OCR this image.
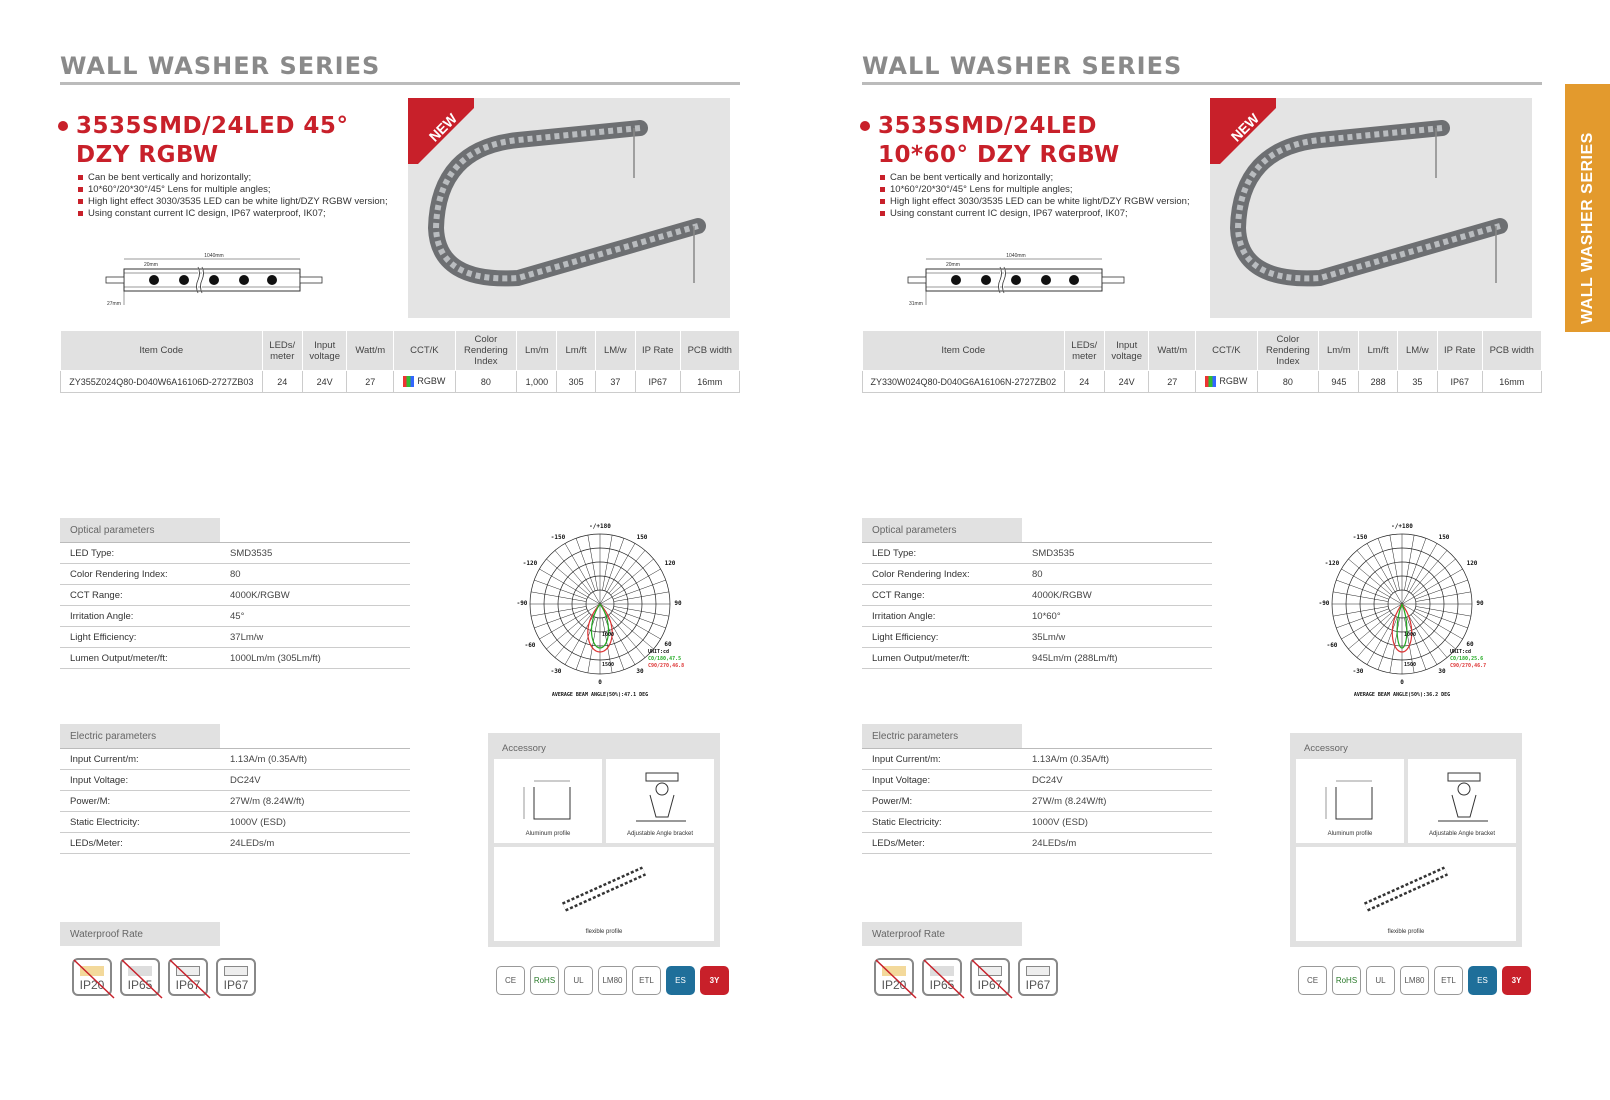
WALL WASHER SERIES
3535SMD/24LED 45°
DZY RGBW
Can be bent vertically and horizontally;
10*60°/20*30°/45° Lens for multiple angles;
High light effect 3030/3535 LED can be white light/DZY RGBW version;
Using constant current IC design, IP67 waterproof, IK07;
1040mm
20mm
27mm
NEW
Item Code	LEDs/ meter	Input voltage	Watt/m	CCT/K	Color Rendering Index	Lm/m	Lm/ft	LM/w	IP Rate	PCB width
ZY355Z024Q80-D040W6A16106D-2727ZB03	24	24V	27	RGBW	80	1,000	305	37	IP67	16mm
Optical parameters
LED Type:	SMD3535
Color Rendering Index:	80
CCT Range:	4000K/RGBW
Irritation Angle:	45°
Light Efficiency:	37Lm/w
Lumen Output/meter/ft:	1000Lm/m (305Lm/ft)
Electric parameters
Input Current/m:	1.13A/m (0.35A/ft)
Input Voltage:	DC24V
Power/M:	27W/m (8.24W/ft)
Static Electricity:	1000V (ESD)
LEDs/Meter:	24LEDs/m
Waterproof Rate
-/+180
-150	150
-120	120
-90	90
-60	60
-30	30
0
1000
1500
UNIT:cd
C0/180,47.5
C90/270,46.8
AVERAGE BEAM ANGLE(50%):47.1 DEG
Accessory
Aluminum profile	Adjustable Angle bracket
flexible profile
IP20	IP65	IP67	IP67	CE	RoHS	UL	LM80	ETL	ES	3Y
WALL WASHER SERIES
3535SMD/24LED
10*60° DZY RGBW
Can be bent vertically and horizontally;
10*60°/20*30°/45° Lens for multiple angles;
High light effect 3030/3535 LED can be white light/DZY RGBW version;
Using constant current IC design, IP67 waterproof, IK07;
1040mm
20mm
31mm
NEW
Item Code	LEDs/ meter	Input voltage	Watt/m	CCT/K	Color Rendering Index	Lm/m	Lm/ft	LM/w	IP Rate	PCB width
ZY330W024Q80-D040G6A16106N-2727ZB02	24	24V	27	RGBW	80	945	288	35	IP67	16mm
Optical parameters
LED Type:	SMD3535
Color Rendering Index:	80
CCT Range:	4000K/RGBW
Irritation Angle:	10*60°
Light Efficiency:	35Lm/w
Lumen Output/meter/ft:	945Lm/m (288Lm/ft)
Electric parameters
Input Current/m:	1.13A/m (0.35A/ft)
Input Voltage:	DC24V
Power/M:	27W/m (8.24W/ft)
Static Electricity:	1000V (ESD)
LEDs/Meter:	24LEDs/m
Waterproof Rate
-/+180
-150	150
-120	120
-90	90
-60	60
-30	30
0
1000
1500
UNIT:cd
C0/180,25.6
C90/270,46.7
AVERAGE BEAM ANGLE(50%):36.2 DEG
Accessory
Aluminum profile	Adjustable Angle bracket
flexible profile
IP20	IP65	IP67	IP67	CE	RoHS	UL	LM80	ETL	ES	3Y
WALL WASHER SERIES
